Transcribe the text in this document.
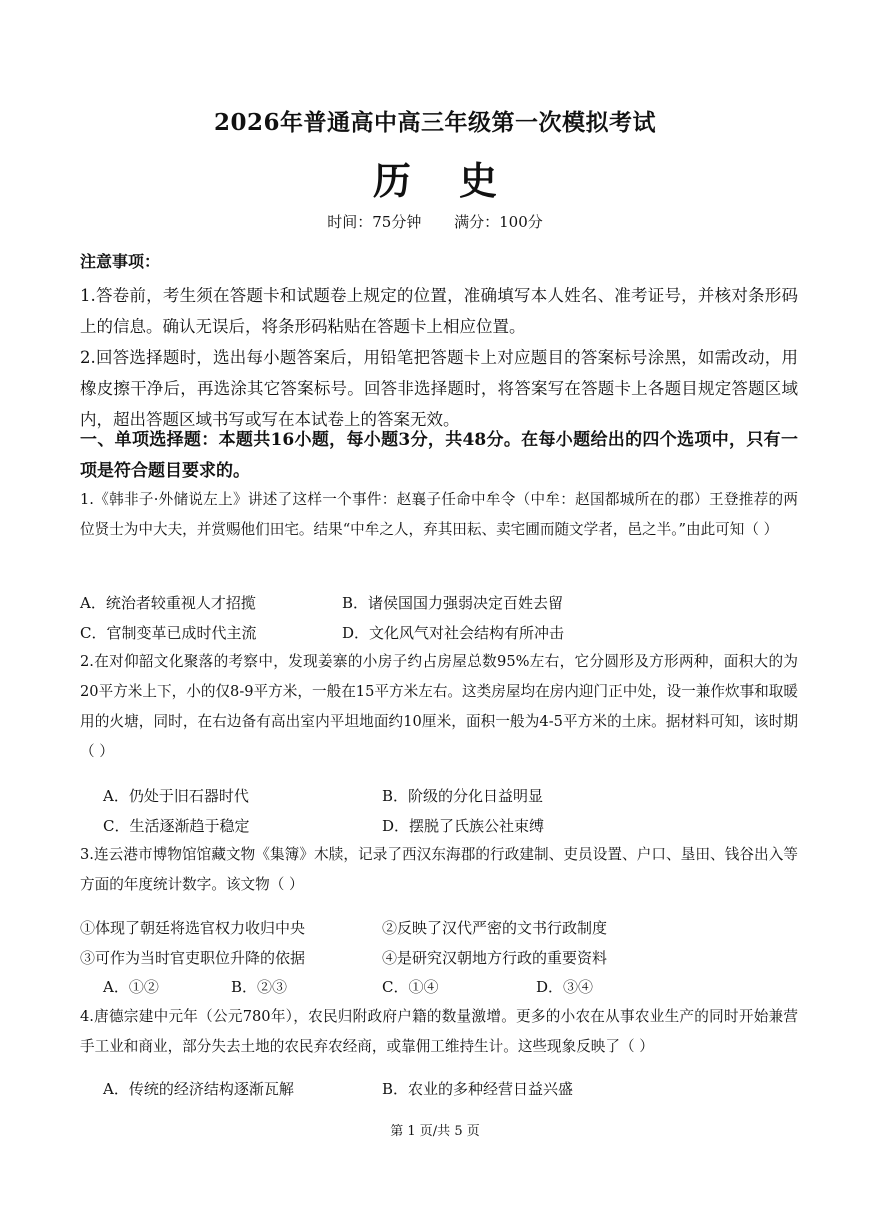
2026年普通高中高三年级第一次模拟考试
历史
时间：75分钟 满分：100分
注意事项：
1.答卷前，考生须在答题卡和试题卷上规定的位置，准确填写本人姓名、准考证号，并核对条形码上的信息。确认无误后，将条形码粘贴在答题卡上相应位置。
2.回答选择题时，选出每小题答案后，用铅笔把答题卡上对应题目的答案标号涂黑，如需改动，用橡皮擦干净后，再选涂其它答案标号。回答非选择题时，将答案写在答题卡上各题目规定答题区域内，超出答题区域书写或写在本试卷上的答案无效。
一、单项选择题：本题共16小题，每小题3分，共48分。在每小题给出的四个选项中，只有一项是符合题目要求的。
1.《韩非子·外储说左上》讲述了这样一个事件：赵襄子任命中牟令（中牟：赵国都城所在的郡）王登推荐的两位贤士为中大夫，并赏赐他们田宅。结果“中牟之人，弃其田耘、卖宅圃而随文学者，邑之半。”由此可知（ ）
A．统治者较重视人才招揽	B．诸侯国国力强弱决定百姓去留
C．官制变革已成时代主流	D．文化风气对社会结构有所冲击
2.在对仰韶文化聚落的考察中，发现姜寨的小房子约占房屋总数95%左右，它分圆形及方形两种，面积大的为20平方米上下，小的仅8-9平方米，一般在15平方米左右。这类房屋均在房内迎门正中处，设一兼作炊事和取暖用的火塘，同时，在右边备有高出室内平坦地面约10厘米，面积一般为4-5平方米的土床。据材料可知，该时期（ ）
A．仍处于旧石器时代	B．阶级的分化日益明显
C．生活逐渐趋于稳定	D．摆脱了氏族公社束缚
3.连云港市博物馆馆藏文物《集簿》木牍，记录了西汉东海郡的行政建制、吏员设置、户口、垦田、钱谷出入等方面的年度统计数字。该文物（ ）
①体现了朝廷将选官权力收归中央	②反映了汉代严密的文书行政制度
③可作为当时官吏职位升降的依据	④是研究汉朝地方行政的重要资料
A．①②	B．②③	C．①④	D．③④
4.唐德宗建中元年（公元780年），农民归附政府户籍的数量激增。更多的小农在从事农业生产的同时开始兼营手工业和商业，部分失去土地的农民弃农经商，或靠佣工维持生计。这些现象反映了（ ）
A．传统的经济结构逐渐瓦解	B．农业的多种经营日益兴盛
第 1 页/共 5 页
